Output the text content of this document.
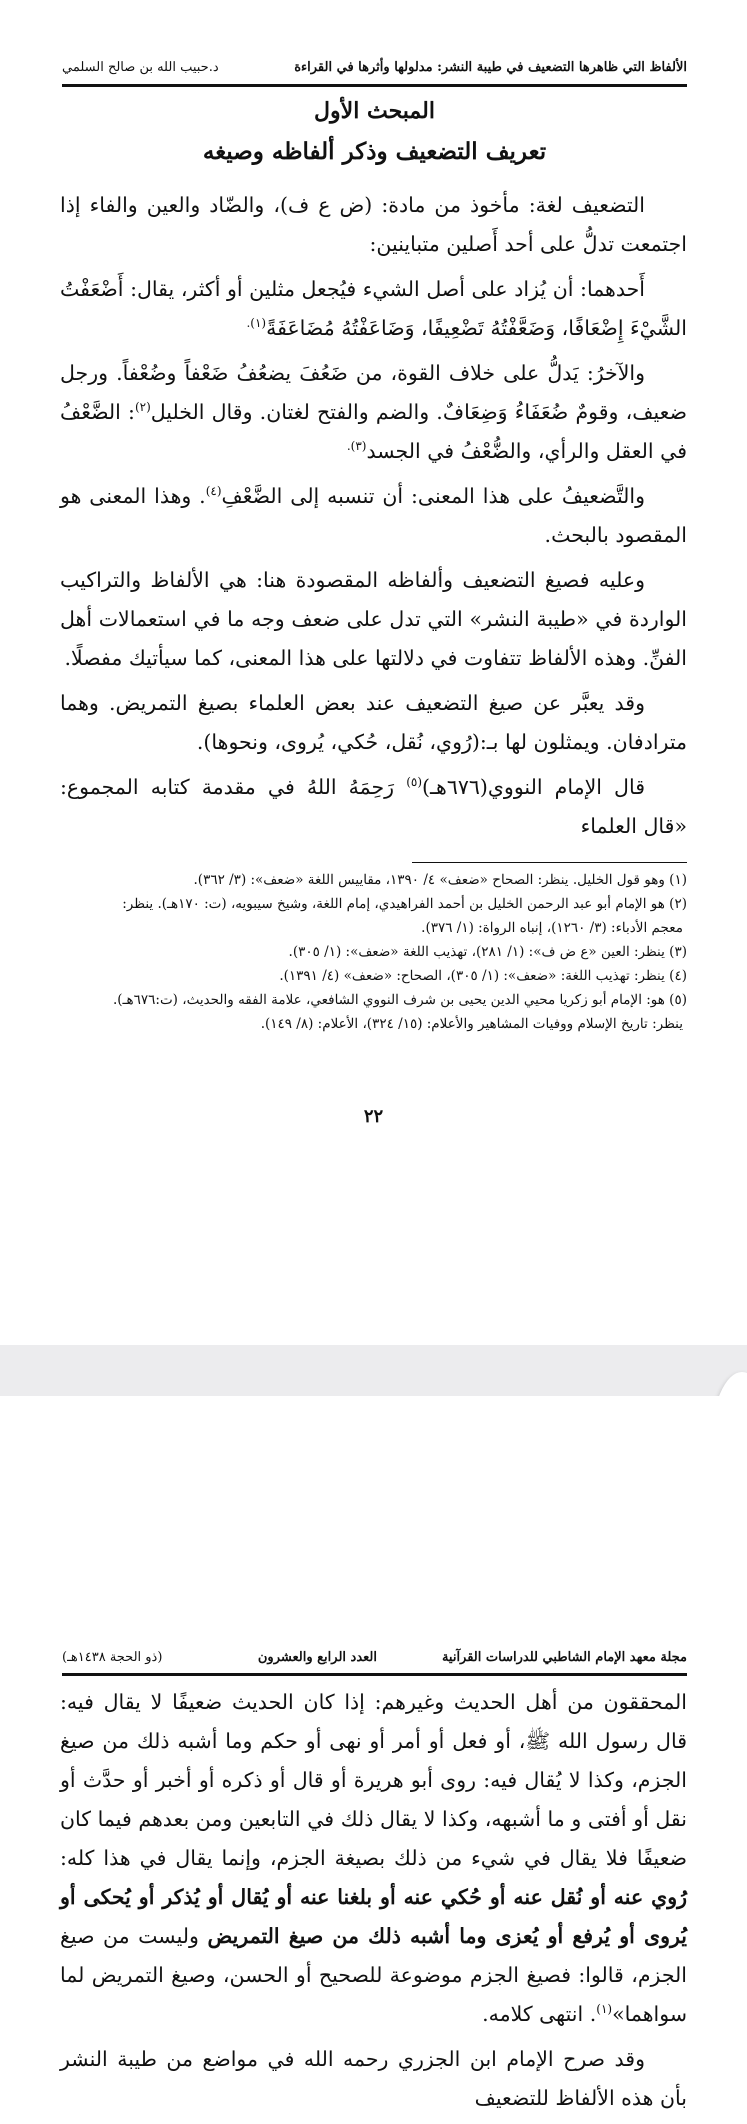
الألفاظ التي ظاهرها التضعيف في طيبة النشر: مدلولها وأثرها في القراءة
د.حبيب الله بن صالح السلمي
المبحث الأول
تعريف التضعيف وذكر ألفاظه وصيغه

التضعيف لغة: مأخوذ من مادة: (ض ع ف)، والضّاد والعين والفاء إذا اجتمعت تدلُّ على أحد أَصلين متباينين:

أَحدهما: أن يُزاد على أصل الشيء فيُجعل مثلين أو أكثر، يقال: أَضْعَفْتُ الشَّيْءَ إِضْعَافًا، وَضَعَّفْتُهُ تَضْعِيفًا، وَضَاعَفْتُهُ مُضَاعَفَةً$^{(١).}$

والآخرُ: يَدلُّ على خلاف القوة، من ضَعُفَ يضعُفُ ضَعْفاً وضُعْفاً. ورجل ضعيف، وقومٌ ضُعَفَاءُ وَضِعَافٌ. والضم والفتح لغتان. وقال الخليل$^{(٢)}$: الضَّعْفُ في العقل والرأي، والضُّعْفُ في الجسد$^{(٣).}$

والتَّضعيفُ على هذا المعنى: أن تنسبه إلى الضَّعْفِ$^{(٤)}$. وهذا المعنى هو المقصود بالبحث.

وعليه فصيغ التضعيف وألفاظه المقصودة هنا: هي الألفاظ والتراكيب الواردة في «طيبة النشر» التي تدل على ضعف وجه ما في استعمالات أهل الفنِّ. وهذه الألفاظ تتفاوت في دلالتها على هذا المعنى، كما سيأتيك مفصلًا.

وقد يعبَّر عن صيغ التضعيف عند بعض العلماء بصيغ التمريض. وهما مترادفان. ويمثلون لها بـ:(رُوي، نُقل، حُكي، يُروى، ونحوها).

قال الإمام النووي(٦٧٦هـ)$^{(٥)}$ رَحِمَهُ اللهُ في مقدمة كتابه المجموع: «قال العلماء

(١) وهو قول الخليل. ينظر: الصحاح «ضعف» ٤/ ١٣٩٠، مقاييس اللغة «ضعف»: (٣/ ٣٦٢).
(٢) هو الإمام أبو عبد الرحمن الخليل بن أحمد الفراهيدي، إمام اللغة، وشيخ سيبويه، (ت: ١٧٠هـ). ينظر:
معجم الأدباء: (٣/ ١٢٦٠)، إنباه الرواة: (١/ ٣٧٦).
(٣) ينظر: العين «ع ض ف»: (١/ ٢٨١)، تهذيب اللغة «ضعف»: (١/ ٣٠٥).
(٤) ينظر: تهذيب اللغة: «ضعف»: (١/ ٣٠٥)، الصحاح: «ضعف» (٤/ ١٣٩١).
(٥) هو: الإمام أبو زكريا محيي الدين يحيى بن شرف النووي الشافعي، علامة الفقه والحديث، (ت:٦٧٦هـ).
ينظر: تاريخ الإسلام ووفيات المشاهير والأعلام: (١٥/ ٣٢٤)، الأعلام: (٨/ ١٤٩).
٢٢
مجلة معهد الإمام الشاطبي للدراسات القرآنية
العدد الرابع والعشرون
(ذو الحجة ١٤٣٨هـ)

المحققون من أهل الحديث وغيرهم: إذا كان الحديث ضعيفًا لا يقال فيه: قال رسول الله ﷺ، أو فعل أو أمر أو نهى أو حكم وما أشبه ذلك من صيغ الجزم، وكذا لا يُقال فيه: روى أبو هريرة أو قال أو ذكره أو أخبر أو حدَّث أو نقل أو أفتى و ما أشبهه، وكذا لا يقال ذلك في التابعين ومن بعدهم فيما كان ضعيفًا فلا يقال في شيء من ذلك بصيغة الجزم، وإنما يقال في هذا كله: رُوي عنه أو نُقل عنه أو حُكي عنه أو بلغنا عنه أو يُقال أو يُذكر أو يُحكى أو يُروى أو يُرفع أو يُعزى وما أشبه ذلك من صيغ التمريض وليست من صيغ الجزم، قالوا: فصيغ الجزم موضوعة للصحيح أو الحسن، وصيغ التمريض لما سواهما»$^{(١)}$. انتهى كلامه.

وقد صرح الإمام ابن الجزري رحمه الله في مواضع من طيبة النشر بأن هذه الألفاظ للتضعيف
